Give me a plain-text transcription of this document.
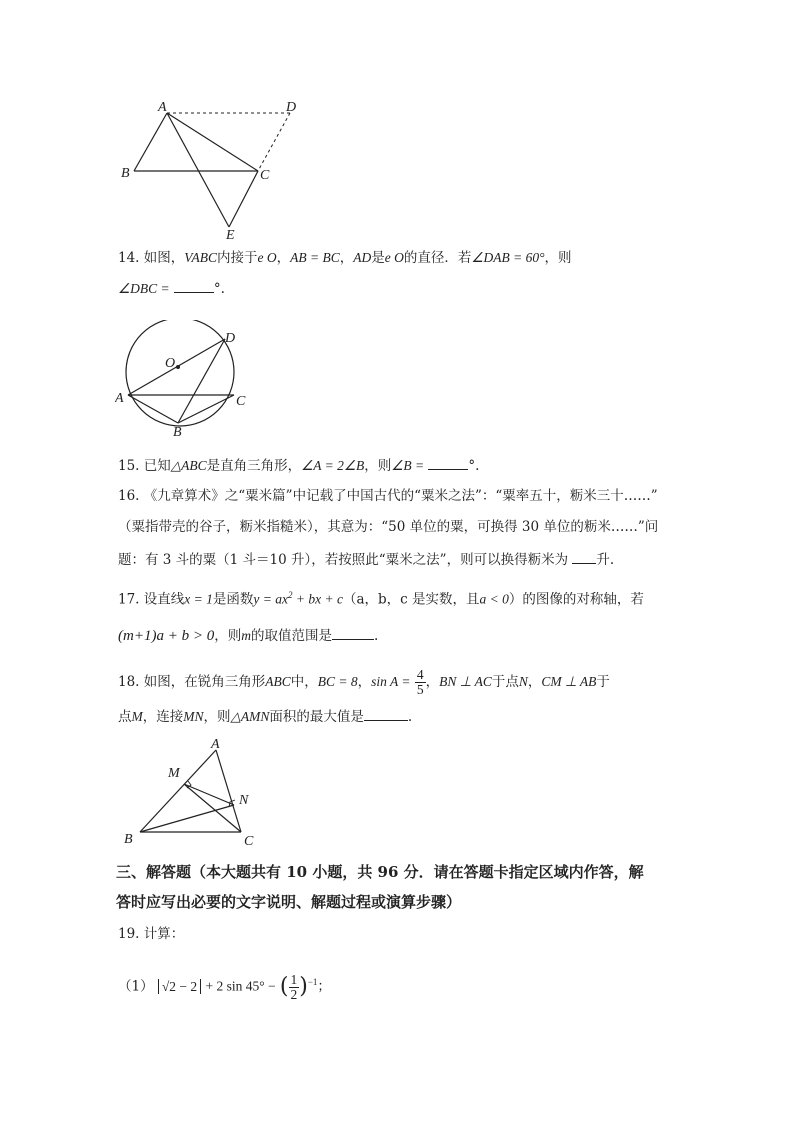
A	D
B	C
E
14. 如图，VABC内接于e O，AB = BC，AD是e O的直径．若∠DAB = 60°，则
∠DBC =	°.
O
D
A	C
B
15. 已知△ABC是直角三角形，∠A = 2∠B，则∠B =	°.
16. 《九章算术》之“粟米篇”中记载了中国古代的“粟米之法”：“粟率五十，粝米三十……”
（粟指带壳的谷子，粝米指糙米），其意为：“50 单位的粟，可换得 30 单位的粝米……”问
题：有 3 斗的粟（1 斗＝10 升），若按照此“粟米之法”，则可以换得粝米为 升.
17. 设直线x = 1是函数$y = ax^2$ + bx + c（a，b，c 是实数，且a < 0）的图像的对称轴，若
(m+1)a + b > 0，则m的取值范围是	.
18. 如图，在锐角三角形ABC中，BC = 8，$\sin A = \frac{4}{5}$ ，BN ⊥ AC于点N，CM ⊥ AB于
点M，连接MN，则△AMN面积的最大值是	.
A
M
N
B	C
三、解答题（本大题共有 10 小题，共 96 分．请在答题卡指定区域内作答，解
答时应写出必要的文字说明、解题过程或演算步骤）
19. 计算：
（1） √2 − 2 + 2 sin 45° − ( $\frac{1}{2} )^{-1}$；
